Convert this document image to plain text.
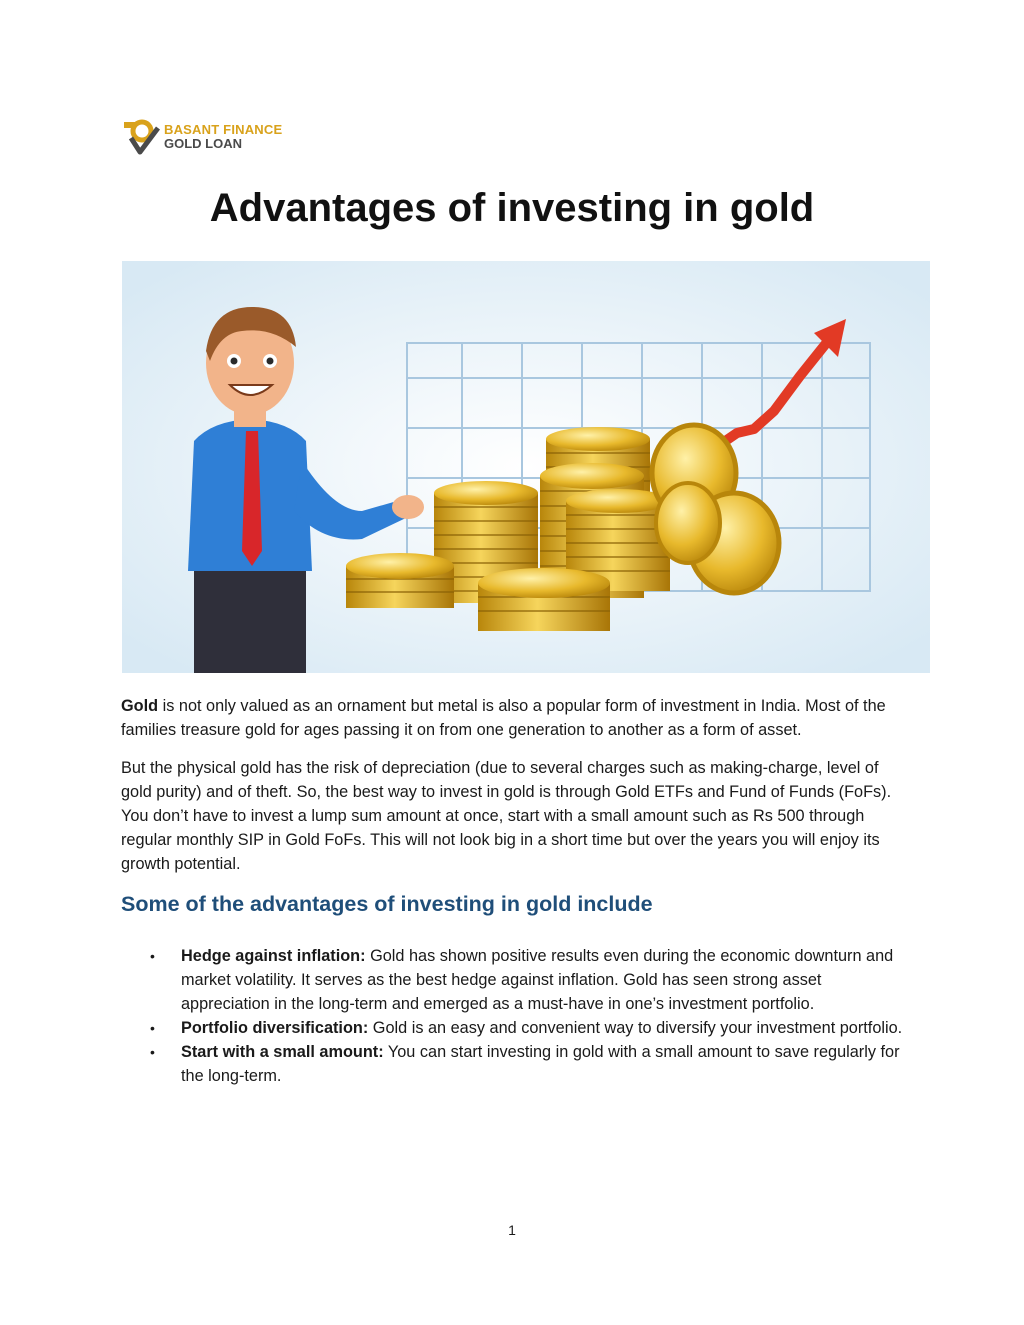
BASANT FINANCE
GOLD LOAN
Advantages of investing in gold

Gold is not only valued as an ornament but metal is also a popular form of investment in India. Most of the families treasure gold for ages passing it on from one generation to another as a form of asset.

But the physical gold has the risk of depreciation (due to several charges such as making-charge, level of gold purity) and of theft. So, the best way to invest in gold is through Gold ETFs and Fund of Funds (FoFs). You don’t have to invest a lump sum amount at once, start with a small amount such as Rs 500 through regular monthly SIP in Gold FoFs. This will not look big in a short time but over the years you will enjoy its growth potential.

Some of the advantages of investing in gold include
• Hedge against inflation: Gold has shown positive results even during the economic downturn and market volatility. It serves as the best hedge against inflation. Gold has seen strong asset appreciation in the long-term and emerged as a must-have in one’s investment portfolio.
• Portfolio diversification: Gold is an easy and convenient way to diversify your investment portfolio.
• Start with a small amount: You can start investing in gold with a small amount to save regularly for the long-term.
1
